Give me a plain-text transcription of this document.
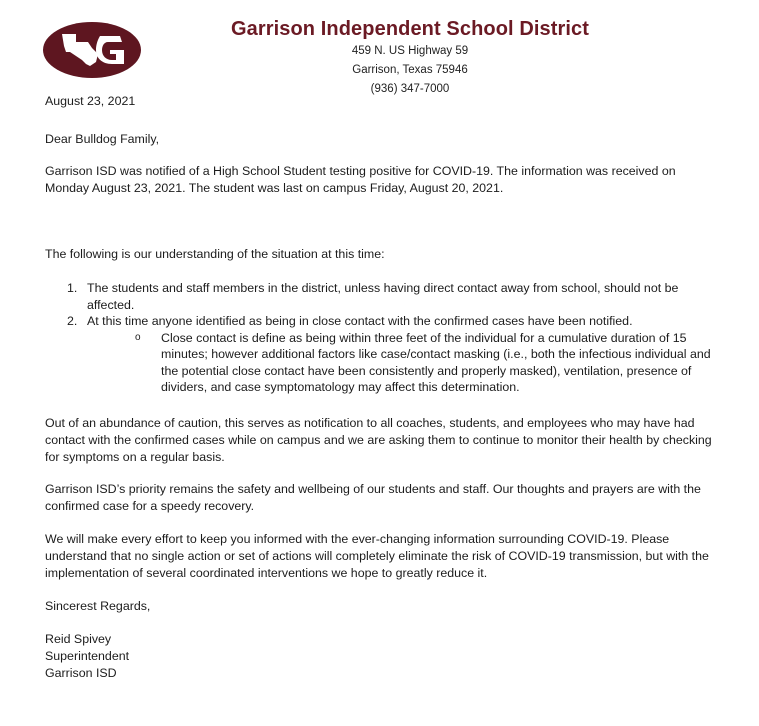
Garrison Independent School District
459 N. US Highway 59
Garrison, Texas 75946
(936) 347-7000
August 23, 2021
Dear Bulldog Family,
Garrison ISD was notified of a High School Student testing positive for COVID-19. The information was received on Monday August 23, 2021. The student was last on campus Friday, August 20, 2021.
The following is our understanding of the situation at this time:
1. The students and staff members in the district, unless having direct contact away from school, should not be affected.
2. At this time anyone identified as being in close contact with the confirmed cases have been notified.
o Close contact is define as being within three feet of the individual for a cumulative duration of 15 minutes; however additional factors like case/contact masking (i.e., both the infectious individual and the potential close contact have been consistently and properly masked), ventilation, presence of dividers, and case symptomatology may affect this determination.
Out of an abundance of caution, this serves as notification to all coaches, students, and employees who may have had contact with the confirmed cases while on campus and we are asking them to continue to monitor their health by checking for symptoms on a regular basis.
Garrison ISD’s priority remains the safety and wellbeing of our students and staff. Our thoughts and prayers are with the confirmed case for a speedy recovery.
We will make every effort to keep you informed with the ever-changing information surrounding COVID-19. Please understand that no single action or set of actions will completely eliminate the risk of COVID-19 transmission, but with the implementation of several coordinated interventions we hope to greatly reduce it.
Sincerest Regards,
Reid Spivey
Superintendent
Garrison ISD
